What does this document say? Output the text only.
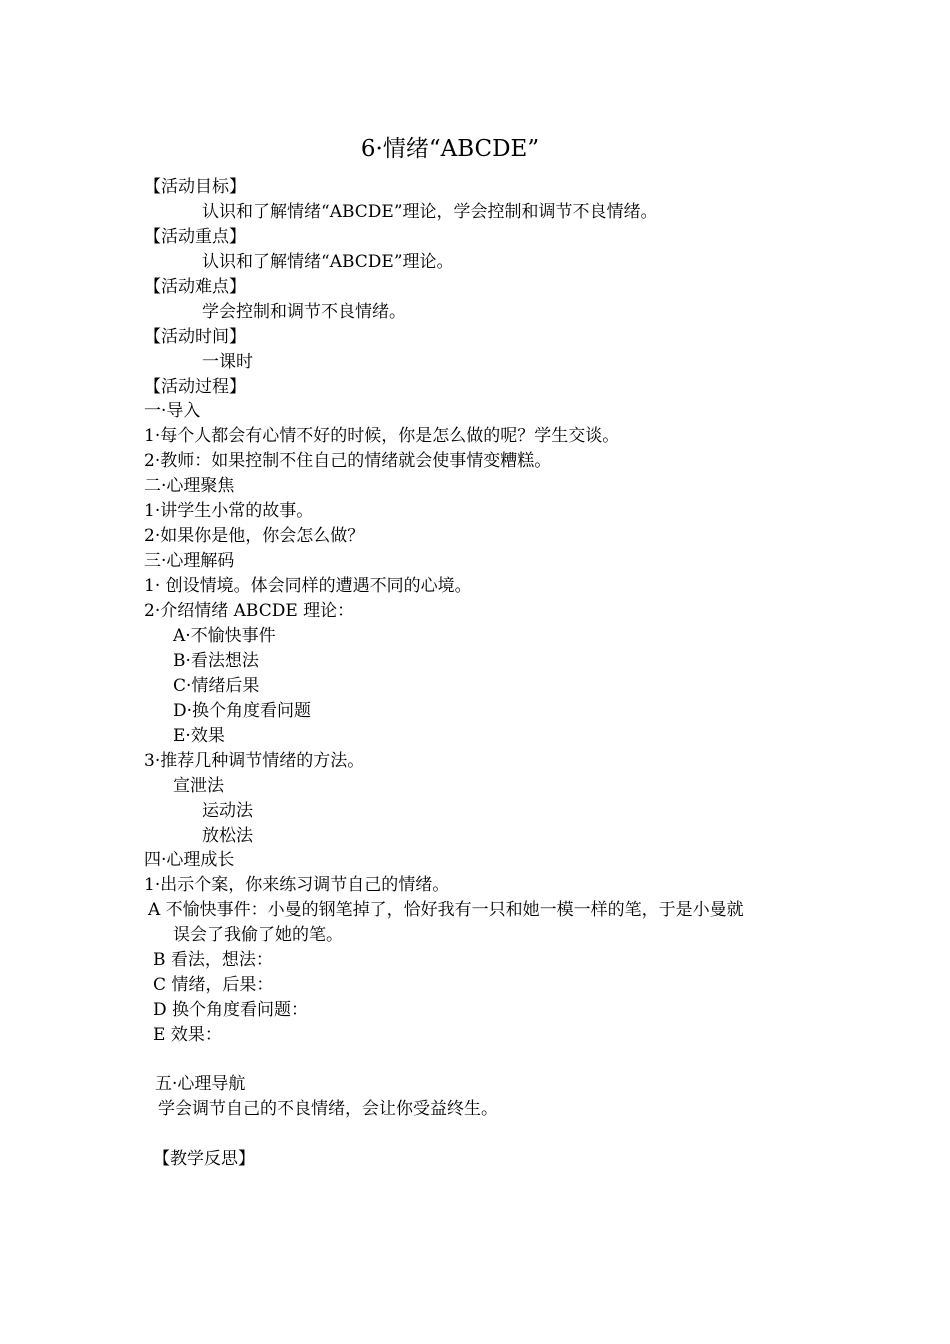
6·情绪“ABCDE”
【活动目标】
认识和了解情绪“ABCDE”理论，学会控制和调节不良情绪。
【活动重点】
认识和了解情绪“ABCDE”理论。
【活动难点】
学会控制和调节不良情绪。
【活动时间】
一课时
【活动过程】
一·导入
1·每个人都会有心情不好的时候，你是怎么做的呢？学生交谈。
2·教师：如果控制不住自己的情绪就会使事情变糟糕。
二·心理聚焦
1·讲学生小常的故事。
2·如果你是他，你会怎么做？
三·心理解码
1· 创设情境。体会同样的遭遇不同的心境。
2·介绍情绪 ABCDE 理论：
A·不愉快事件
B·看法想法
C·情绪后果
D·换个角度看问题
E·效果
3·推荐几种调节情绪的方法。
宣泄法
运动法
放松法
四·心理成长
1·出示个案，你来练习调节自己的情绪。
A 不愉快事件：小曼的钢笔掉了，恰好我有一只和她一模一样的笔，于是小曼就
误会了我偷了她的笔。
B 看法，想法：
C 情绪，后果：
D 换个角度看问题：
E 效果：
五·心理导航
学会调节自己的不良情绪，会让你受益终生。
【教学反思】
